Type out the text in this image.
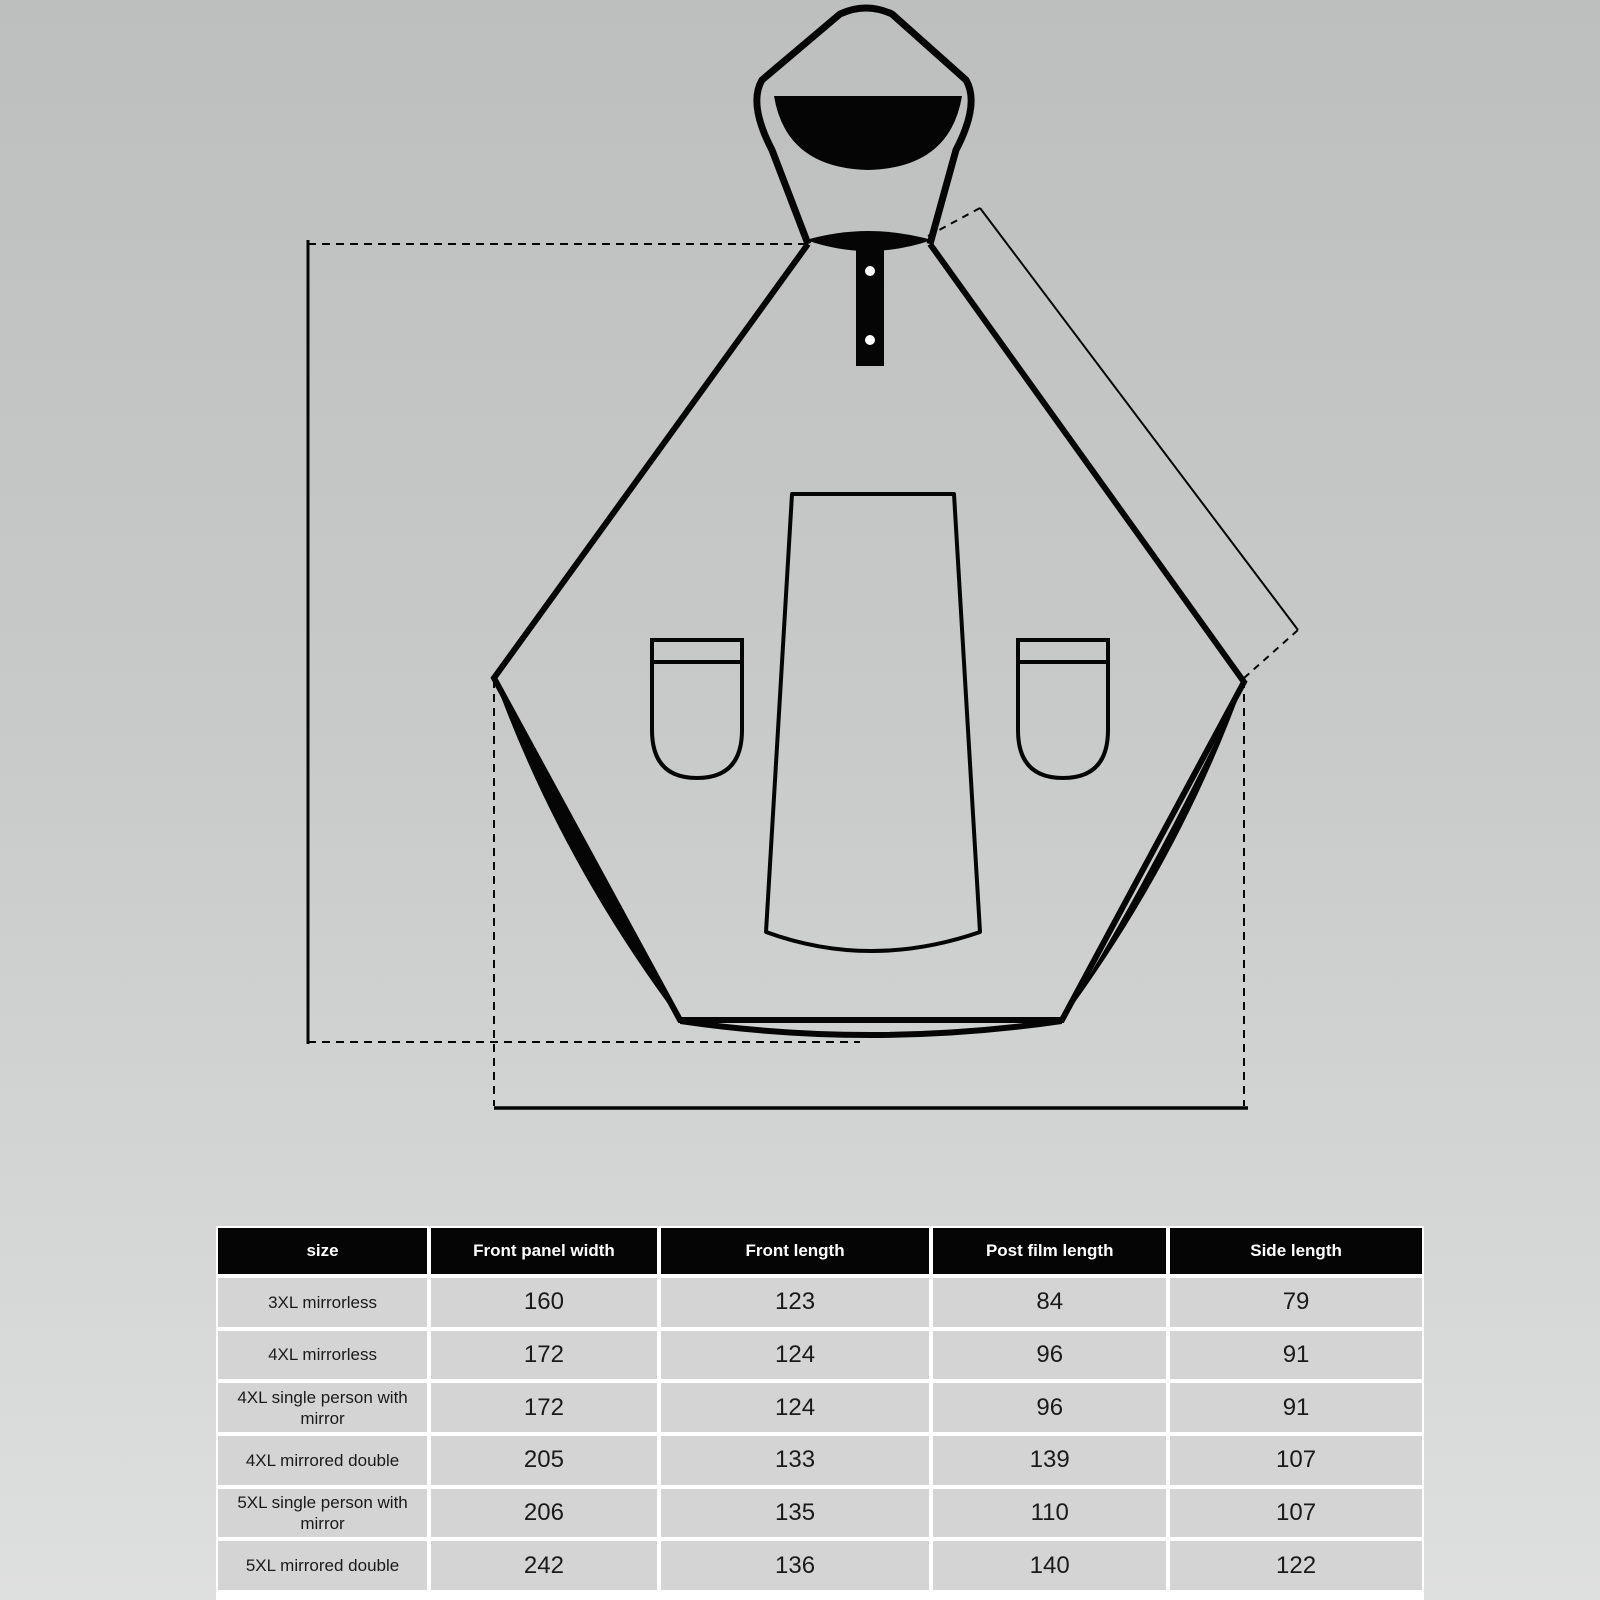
size	Front panel width	Front length	Post film length	Side length
3XL mirrorless	160	123	84	79
4XL mirrorless	172	124	96	91
4XL single person with mirror	172	124	96	91
4XL mirrored double	205	133	139	107
5XL single person with mirror	206	135	110	107
5XL mirrored double	242	136	140	122
